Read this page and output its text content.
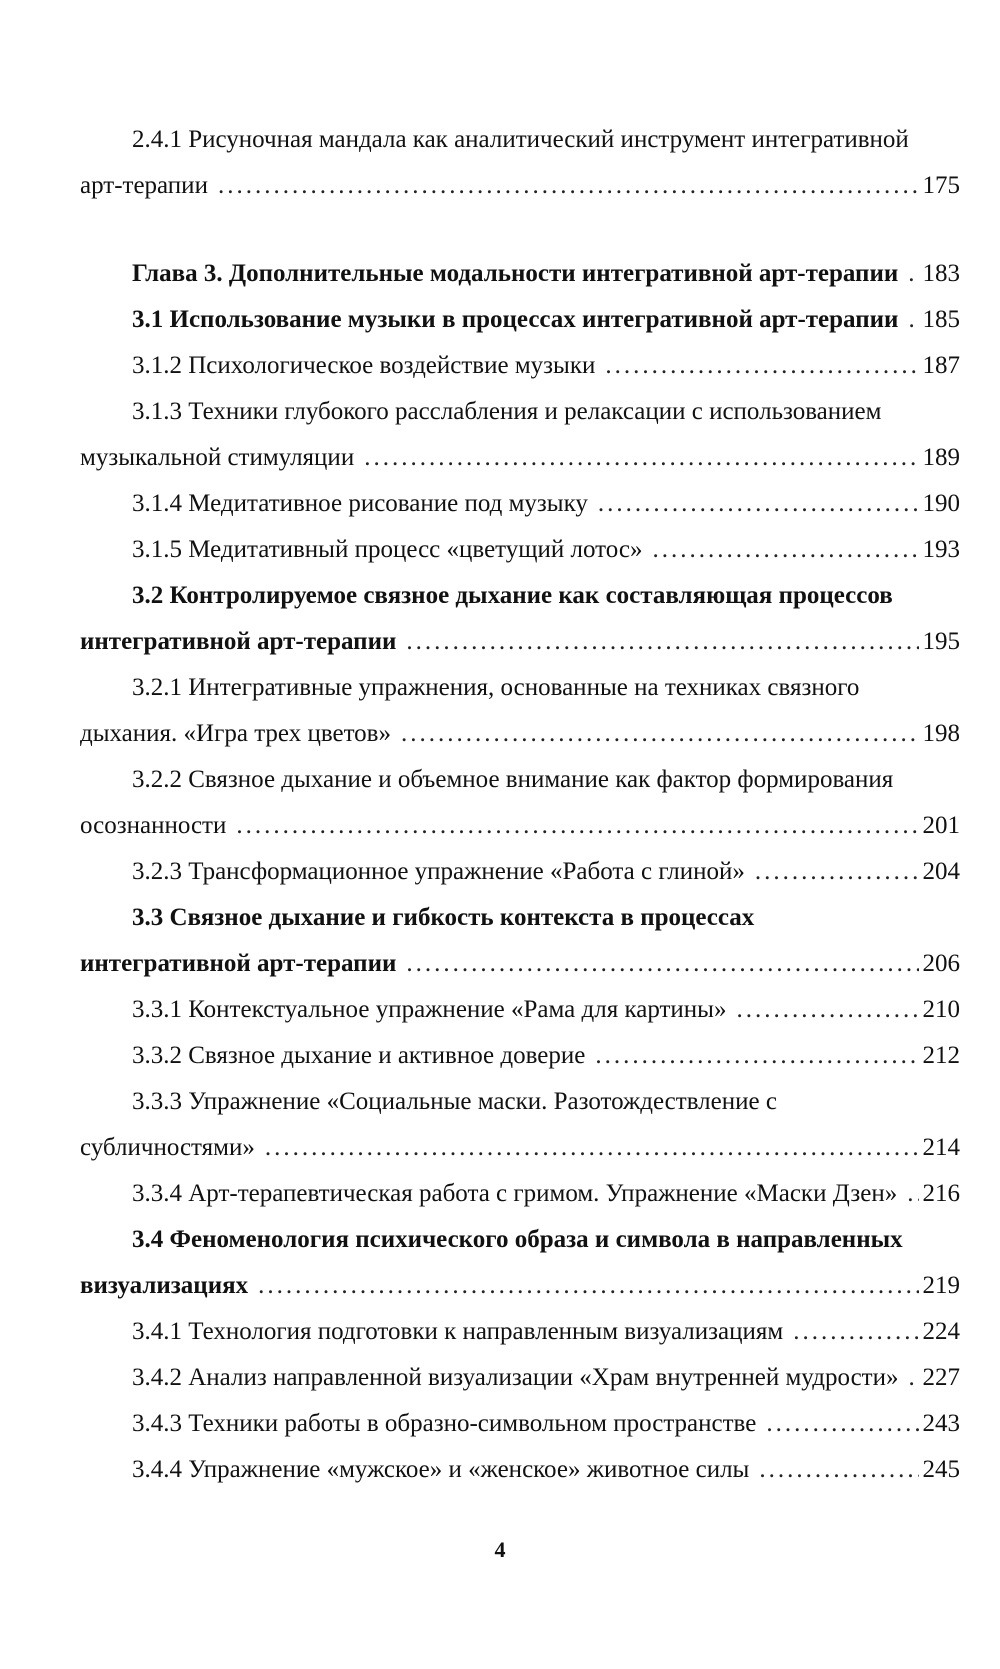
2.4.1 Рисуночная мандала как аналитический инструмент интегративной
арт-терапии .....	175
Глава 3. Дополнительные модальности интегративной арт-терапии ..... 183
3.1 Использование музыки в процессах интегративной арт-терапии ..... 185
3.1.2 Психологическое воздействие музыки .....	187
3.1.3 Техники глубокого расслабления и релаксации с использованием
музыкальной стимуляции .....	189
3.1.4 Медитативное рисование под музыку .....	190
3.1.5 Медитативный процесс «цветущий лотос» .....	193
3.2 Контролируемое связное дыхание как составляющая процессов
интегративной арт-терапии .....	195
3.2.1 Интегративные упражнения, основанные на техниках связного
дыхания. «Игра трех цветов» .....	198
3.2.2 Связное дыхание и объемное внимание как фактор формирования
осознанности .....	201
3.2.3 Трансформационное упражнение «Работа с глиной» .....	204
3.3 Связное дыхание и гибкость контекста в процессах
интегративной арт-терапии .....	206
3.3.1 Контекстуальное упражнение «Рама для картины» .....	210
3.3.2 Связное дыхание и активное доверие .....	212
3.3.3 Упражнение «Социальные маски. Разотождествление с
субличностями» .....	214
3.3.4 Арт-терапевтическая работа с гримом. Упражнение «Маски Дзен» ..... 216
3.4 Феноменология психического образа и символа в направленных
визуализациях .....	219
3.4.1 Технология подготовки к направленным визуализациям .....	224
3.4.2 Анализ направленной визуализации «Храм внутренней мудрости» ..... 227
3.4.3 Техники работы в образно-символьном пространстве .....	243
3.4.4 Упражнение «мужское» и «женское» животное силы .....	245
4
